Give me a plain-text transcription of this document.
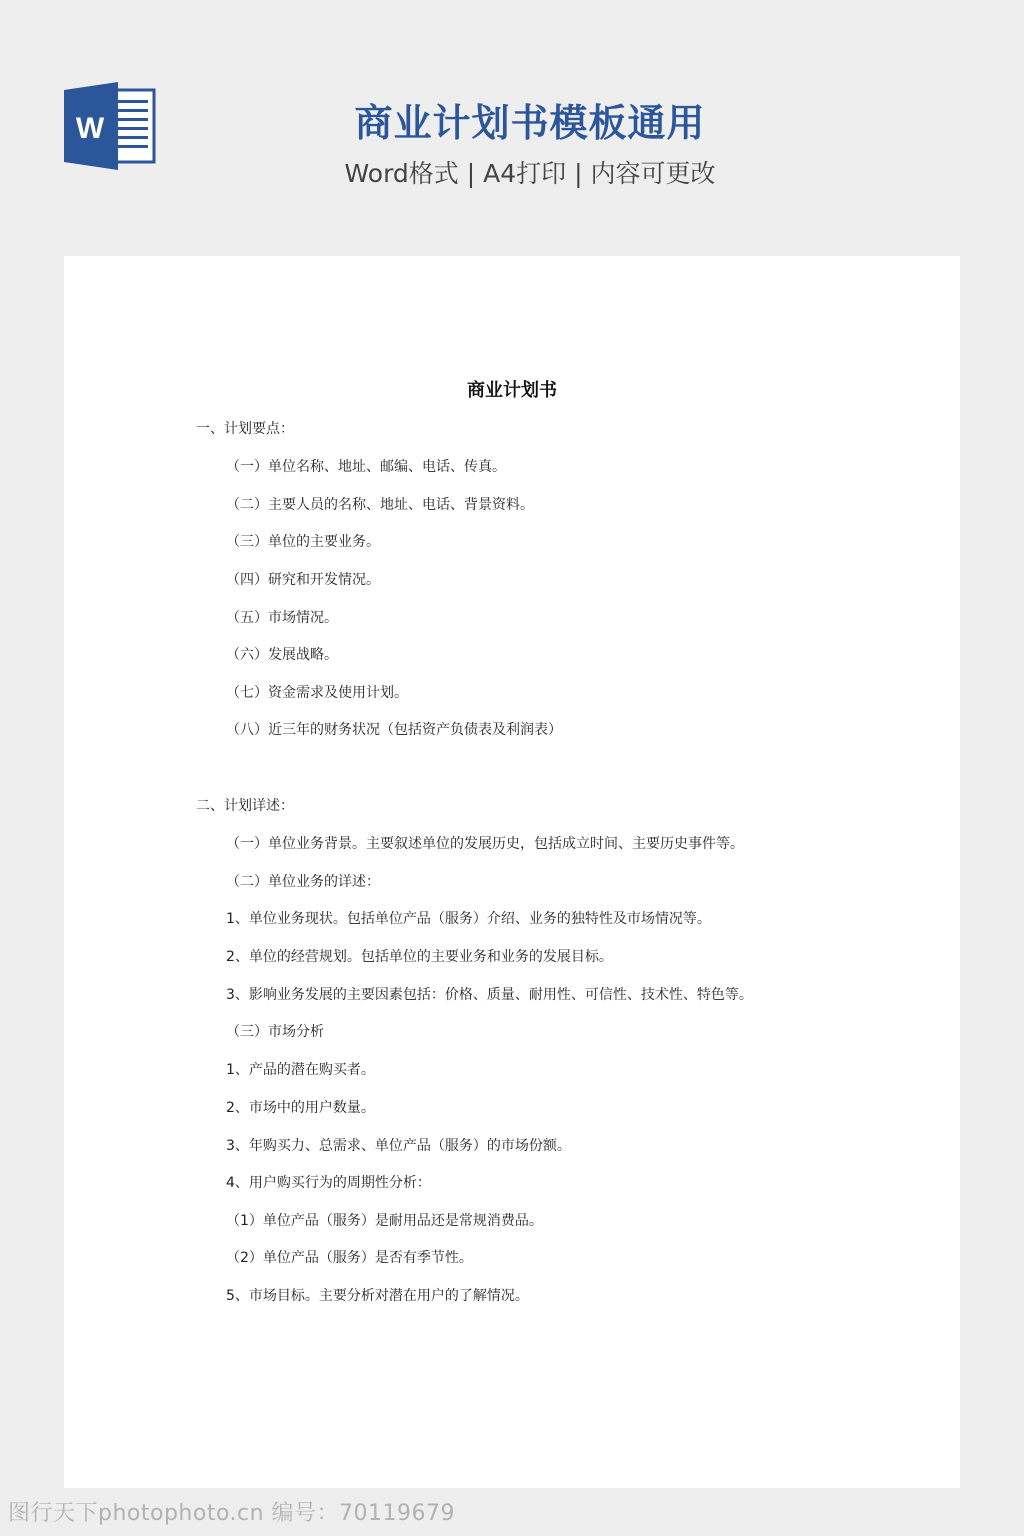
W	商业计划书模板通用
Word格式 | A4打印 | 内容可更改
商业计划书
一、计划要点：
（一）单位名称、地址、邮编、电话、传真。
（二）主要人员的名称、地址、电话、背景资料。
（三）单位的主要业务。
（四）研究和开发情况。
（五）市场情况。
（六）发展战略。
（七）资金需求及使用计划。
（八）近三年的财务状况（包括资产负债表及利润表）
二、计划详述：
（一）单位业务背景。主要叙述单位的发展历史，包括成立时间、主要历史事件等。
（二）单位业务的详述：
1、单位业务现状。包括单位产品（服务）介绍、业务的独特性及市场情况等。
2、单位的经营规划。包括单位的主要业务和业务的发展目标。
3、影响业务发展的主要因素包括：价格、质量、耐用性、可信性、技术性、特色等。
（三）市场分析
1、产品的潜在购买者。
2、市场中的用户数量。
3、年购买力、总需求、单位产品（服务）的市场份额。
4、用户购买行为的周期性分析：
（1）单位产品（服务）是耐用品还是常规消费品。
（2）单位产品（服务）是否有季节性。
5、市场目标。主要分析对潜在用户的了解情况。
图行天下photophoto.cn 编号：70119679
